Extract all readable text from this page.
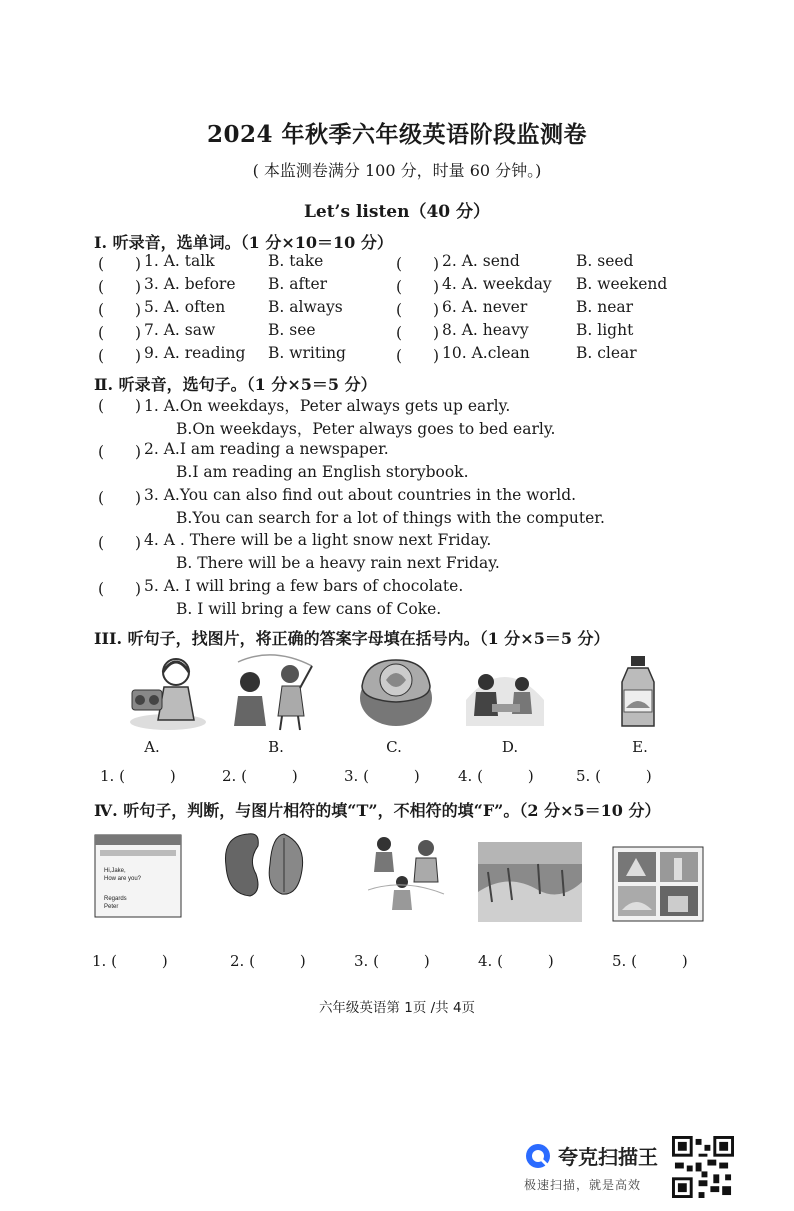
2024 年秋季六年级英语阶段监测卷
( 本监测卷满分 100 分，时量 60 分钟。)
Let’s listen（40 分）
Ⅰ. 听录音，选单词。（1 分×10＝10 分）
(　　) 1. A. talk	B. take	(　　) 2. A. send	B. seed
(　　) 3. A. before B. after	(　　) 4. A. weekday B. weekend
(　　) 5. A. often	B. always	(　　) 6. A. never	B. near
(　　) 7. A. saw	B. see	(　　) 8. A. heavy	B. light
(　　) 9. A. reading B. writing	(　　) 10. A.clean	B. clear
Ⅱ. 听录音，选句子。（1 分×5＝5 分）
(　　) 1. A.On weekdays，Peter always gets up early.
B.On weekdays，Peter always goes to bed early.
(　　) 2. A.I am reading a newspaper.
B.I am reading an English storybook.
(　　) 3. A.You can also find out about countries in the world.
B.You can search for a lot of things with the computer.
(　　) 4. A . There will be a light snow next Friday.
B. There will be a heavy rain next Friday.
(　　) 5. A. I will bring a few bars of chocolate.
B. I will bring a few cans of Coke.
III. 听句子，找图片，将正确的答案字母填在括号内。（1 分×5＝5 分）
A.	B.	C.	D.	E.
1. (　　　)	2. (　　　)	3. (　　　)	4. (　　　)	5. (　　　)
Ⅳ. 听句子，判断，与图片相符的填“T”，不相符的填“F”。（2 分×5＝10 分）
Hi,Jake,
How are you?
Regards
Peter
1. (　　　)	2. (　　　)	3. (　　　)	4. (　　　)	5. (　　　)
六年级英语第 1页 /共 4页
夸克扫描王
极速扫描，就是高效
